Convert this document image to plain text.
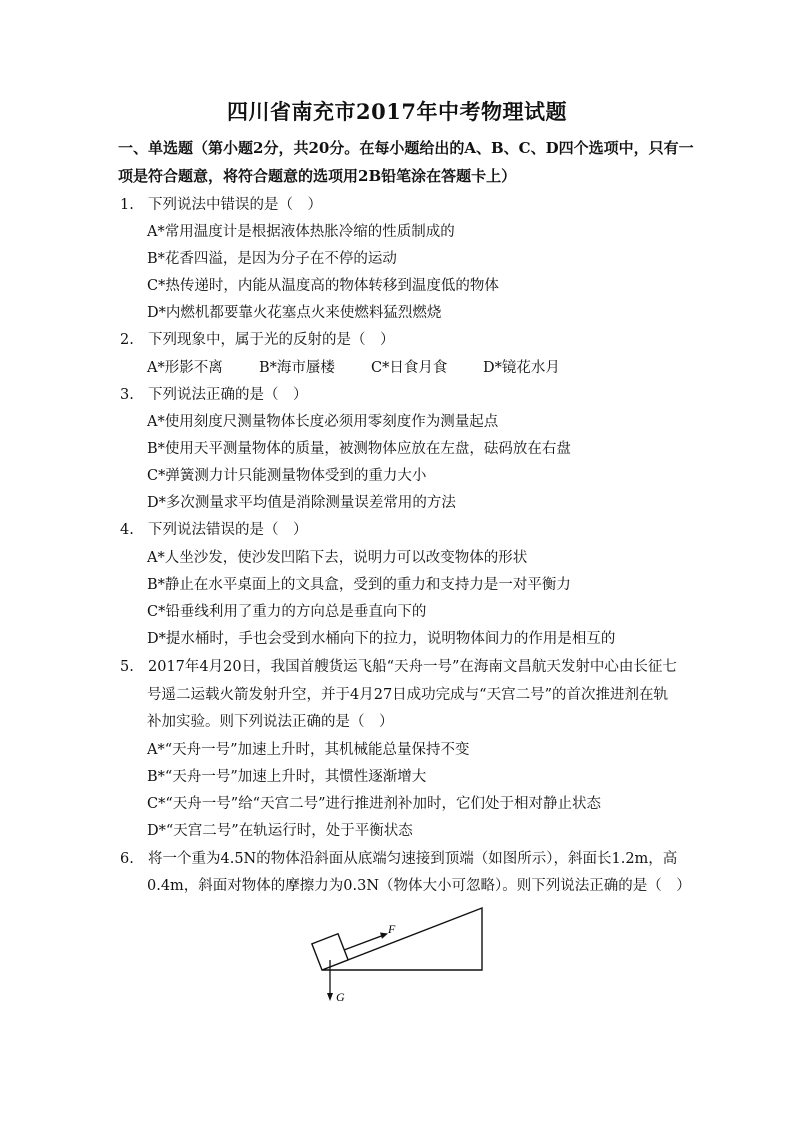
四川省南充市2017年中考物理试题
一、单选题（第小题2分，共20分。在每小题给出的A、B、C、D四个选项中，只有一项是符合题意，将符合题意的选项用2B铅笔涂在答题卡上）
1. 下列说法中错误的是（　）
A*常用温度计是根据液体热胀冷缩的性质制成的
B*花香四溢，是因为分子在不停的运动
C*热传递时，内能从温度高的物体转移到温度低的物体
D*内燃机都要靠火花塞点火来使燃料猛烈燃烧
2. 下列现象中，属于光的反射的是（　）
A*形影不离	B*海市蜃楼 C*日食月食 D*镜花水月
3. 下列说法正确的是（　）
A*使用刻度尺测量物体长度必须用零刻度作为测量起点
B*使用天平测量物体的质量，被测物体应放在左盘，砝码放在右盘
C*弹簧测力计只能测量物体受到的重力大小
D*多次测量求平均值是消除测量误差常用的方法
4. 下列说法错误的是（　）
A*人坐沙发，使沙发凹陷下去，说明力可以改变物体的形状
B*静止在水平桌面上的文具盒，受到的重力和支持力是一对平衡力
C*铅垂线利用了重力的方向总是垂直向下的
D*提水桶时，手也会受到水桶向下的拉力，说明物体间力的作用是相互的
5. 2017年4月20日，我国首艘货运飞船“天舟一号”在海南文昌航天发射中心由长征七
号遥二运载火箭发射升空，并于4月27日成功完成与“天宫二号”的首次推进剂在轨
补加实验。则下列说法正确的是（　）
A*“天舟一号”加速上升时，其机械能总量保持不变
B*“天舟一号”加速上升时，其惯性逐渐增大
C*“天舟一号”给“天宫二号”进行推进剂补加时，它们处于相对静止状态
D*“天宫二号”在轨运行时，处于平衡状态
6. 将一个重为4.5N的物体沿斜面从底端匀速接到顶端（如图所示），斜面长1.2m，高
0.4m，斜面对物体的摩擦力为0.3N（物体大小可忽略）。则下列说法正确的是（　）
F
G
